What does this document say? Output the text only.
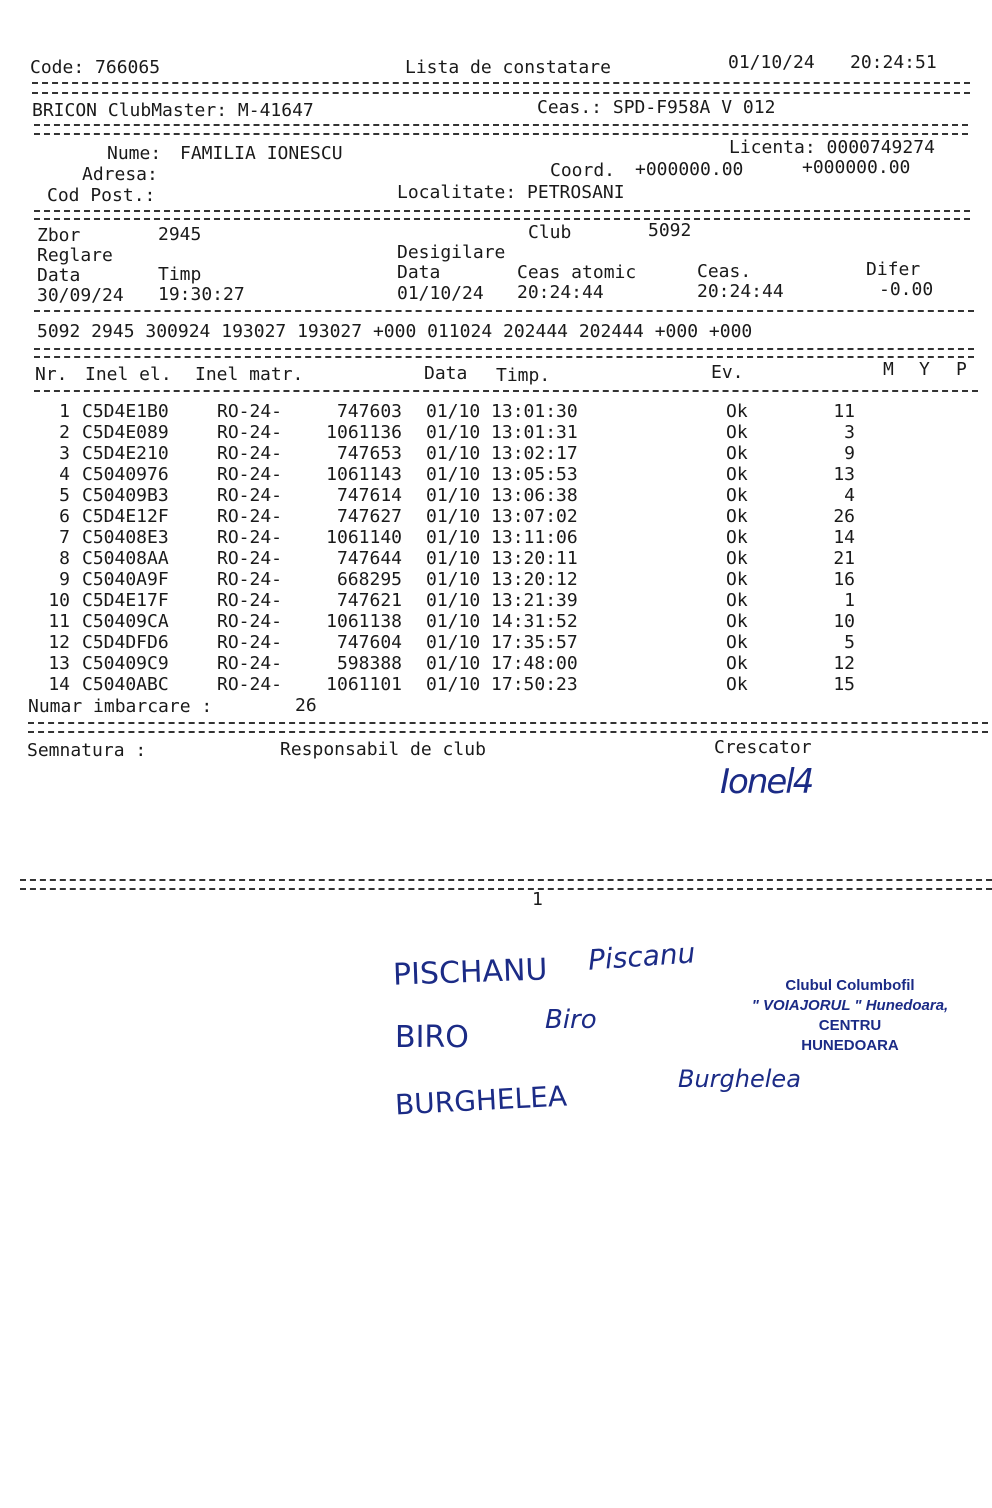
Code: 766065	Lista de constatare	01/10/24 20:24:51
BRICON ClubMaster: M-41647	Ceas.: SPD-F958A V 012
Nume: FAMILIA IONESCU	Licenta: 0000749274
Adresa:	Coord. +000000.00	+000000.00
Cod Post.:	Localitate: PETROSANI
Zbor	2945	Club	5092
Reglare	Desigilare
Data	Timp	Data	Ceas atomic	Ceas.	Difer
30/09/24 19:30:27	01/10/24 20:24:44	20:24:44	-0.00
5092 2945 300924 193027 193027 +000 011024 202444 202444 +000 +000
Nr. Inel el. Inel matr.	Data Timp.	Ev.	M Y P
1 C5D4E1B0	RO-24-	747603 01/10 13:01:30	Ok	11
2 C5D4E089	RO-24- 1061136 01/10 13:01:31	Ok	3
3 C5D4E210	RO-24-	747653 01/10 13:02:17	Ok	9
4 C5040976	RO-24- 1061143 01/10 13:05:53	Ok	13
5 C50409B3	RO-24-	747614 01/10 13:06:38	Ok	4
6 C5D4E12F	RO-24-	747627 01/10 13:07:02	Ok	26
7 C50408E3	RO-24- 1061140 01/10 13:11:06	Ok	14
8 C50408AA	RO-24-	747644 01/10 13:20:11	Ok	21
9 C5040A9F	RO-24-	668295 01/10 13:20:12	Ok	16
10 C5D4E17F	RO-24-	747621 01/10 13:21:39	Ok	1
11 C50409CA	RO-24- 1061138 01/10 14:31:52	Ok	10
12 C5D4DFD6	RO-24-	747604 01/10 17:35:57	Ok	5
13 C50409C9	RO-24-	598388 01/10 17:48:00	Ok	12
14 C5040ABC	RO-24- 1061101 01/10 17:50:23	Ok	15
Numar imbarcare :	26
Semnatura :	Responsabil de club	Crescator
Ionel4
1
PISCHANU Piscanu
BIRO	Biro
BURGHELEA
Burghelea
Clubul Columbofil
" VOIAJORUL " Hunedoara,
CENTRU
HUNEDOARA
